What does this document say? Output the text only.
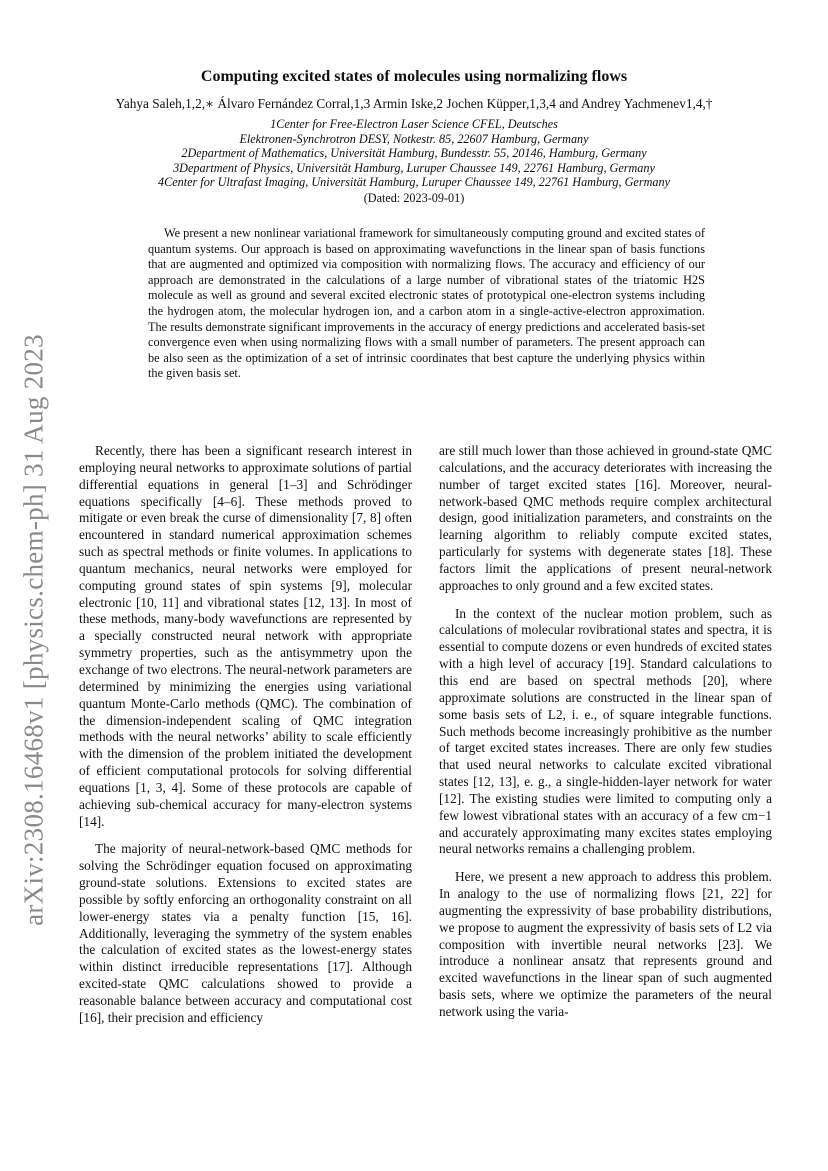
arXiv:2308.16468v1 [physics.chem-ph] 31 Aug 2023
Computing excited states of molecules using normalizing flows
Yahya Saleh,1,2,∗ Álvaro Fernández Corral,1,3 Armin Iske,2 Jochen Küpper,1,3,4 and Andrey Yachmenev1,4,†
1Center for Free-Electron Laser Science CFEL, Deutsches
Elektronen-Synchrotron DESY, Notkestr. 85, 22607 Hamburg, Germany
2Department of Mathematics, Universität Hamburg, Bundesstr. 55, 20146, Hamburg, Germany
3Department of Physics, Universität Hamburg, Luruper Chaussee 149, 22761 Hamburg, Germany
4Center for Ultrafast Imaging, Universität Hamburg, Luruper Chaussee 149, 22761 Hamburg, Germany
(Dated: 2023-09-01)

We present a new nonlinear variational framework for simultaneously computing ground and excited states of quantum systems. Our approach is based on approximating wavefunctions in the linear span of basis functions that are augmented and optimized via composition with normalizing flows. The accuracy and efficiency of our approach are demonstrated in the calculations of a large number of vibrational states of the triatomic H2S molecule as well as ground and several excited electronic states of prototypical one-electron systems including the hydrogen atom, the molecular hydrogen ion, and a carbon atom in a single-active-electron approximation. The results demonstrate significant improvements in the accuracy of energy predictions and accelerated basis-set convergence even when using normalizing flows with a small number of parameters. The present approach can be also seen as the optimization of a set of intrinsic coordinates that best capture the underlying physics within the given basis set.

Recently, there has been a significant research interest in employing neural networks to approximate solutions of partial differential equations in general [1–3] and Schrödinger equations specifically [4–6]. These methods proved to mitigate or even break the curse of dimensionality [7, 8] often encountered in standard numerical approximation schemes such as spectral methods or finite volumes. In applications to quantum mechanics, neural networks were employed for computing ground states of spin systems [9], molecular electronic [10, 11] and vibrational states [12, 13]. In most of these methods, many-body wavefunctions are represented by a specially constructed neural network with appropriate symmetry properties, such as the antisymmetry upon the exchange of two electrons. The neural-network parameters are determined by minimizing the energies using variational quantum Monte-Carlo methods (QMC). The combination of the dimension-independent scaling of QMC integration methods with the neural networks’ ability to scale efficiently with the dimension of the problem initiated the development of efficient computational protocols for solving differential equations [1, 3, 4]. Some of these protocols are capable of achieving sub-chemical accuracy for many-electron systems [14].

The majority of neural-network-based QMC methods for solving the Schrödinger equation focused on approximating ground-state solutions. Extensions to excited states are possible by softly enforcing an orthogonality constraint on all lower-energy states via a penalty function [15, 16]. Additionally, leveraging the symmetry of the system enables the calculation of excited states as the lowest-energy states within distinct irreducible representations [17]. Although excited-state QMC calculations showed to provide a reasonable balance between accuracy and computational cost [16], their precision and efficiency

are still much lower than those achieved in ground-state QMC calculations, and the accuracy deteriorates with increasing the number of target excited states [16]. Moreover, neural-network-based QMC methods require complex architectural design, good initialization parameters, and constraints on the learning algorithm to reliably compute excited states, particularly for systems with degenerate states [18]. These factors limit the applications of present neural-network approaches to only ground and a few excited states.

In the context of the nuclear motion problem, such as calculations of molecular rovibrational states and spectra, it is essential to compute dozens or even hundreds of excited states with a high level of accuracy [19]. Standard calculations to this end are based on spectral methods [20], where approximate solutions are constructed in the linear span of some basis sets of L2, i. e., of square integrable functions. Such methods become increasingly prohibitive as the number of target excited states increases. There are only few studies that used neural networks to calculate excited vibrational states [12, 13], e. g., a single-hidden-layer network for water [12]. The existing studies were limited to computing only a few lowest vibrational states with an accuracy of a few cm−1 and accurately approximating many excites states employing neural networks remains a challenging problem.

Here, we present a new approach to address this problem. In analogy to the use of normalizing flows [21, 22] for augmenting the expressivity of base probability distributions, we propose to augment the expressivity of basis sets of L2 via composition with invertible neural networks [23]. We introduce a nonlinear ansatz that represents ground and excited wavefunctions in the linear span of such augmented basis sets, where we optimize the parameters of the neural network using the varia-
